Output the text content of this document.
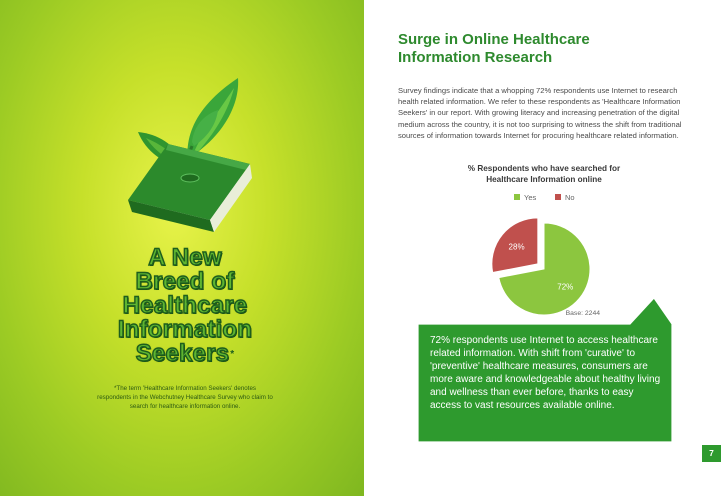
A New
Breed of
Healthcare
Information
Seekers*
*The term 'Healthcare Information Seekers' denotes
respondents in the Webchutney Healthcare Survey who claim to
search for healthcare information online.
Surge in Online Healthcare
Information Research

Survey findings indicate that a whopping 72% respondents use Internet to research health related information. We refer to these respondents as 'Healthcare Information Seekers' in our report. With growing literacy and increasing penetration of the digital medium across the country, it is not too surprising to witness the shift from traditional sources of information towards Internet for procuring healthcare related information.

% Respondents who have searched for
Healthcare Information online
Yes	No
28%
72%

72% respondents use Internet to access healthcare related information. With shift from 'curative' to 'preventive' healthcare measures, consumers are more aware and knowledgeable about healthy living and wellness than ever before, thanks to easy access to vast resources available online.

Base: 2244
7
